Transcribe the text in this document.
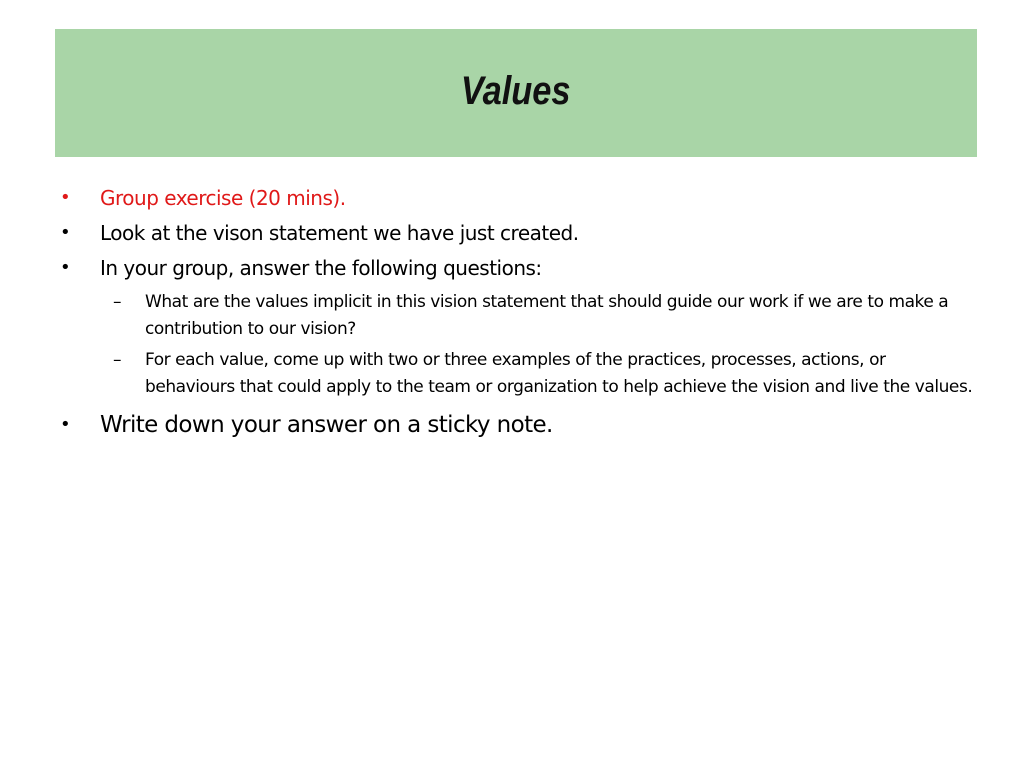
Values
• Group exercise (20 mins).
• Look at the vison statement we have just created.
• In your group, answer the following questions:
– What are the values implicit in this vision statement that should guide our work if we are to make a contribution to our vision?
– For each value, come up with two or three examples of the practices, processes, actions, or behaviours that could apply to the team or organization to help achieve the vision and live the values.
• Write down your answer on a sticky note.
